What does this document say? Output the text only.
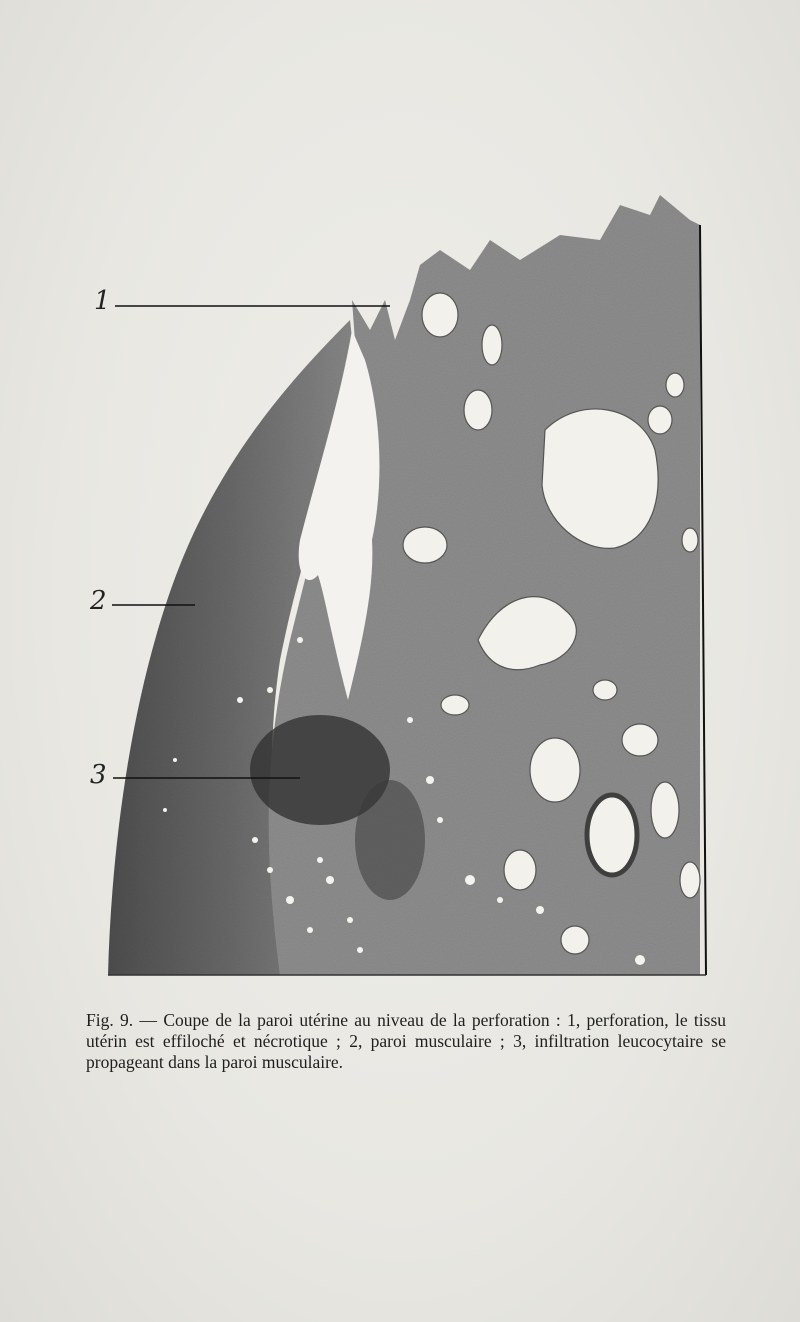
1
2
3
Fig. 9. — Coupe de la paroi utérine au niveau de la perforation : 1, perforation, le tissu utérin est effiloché et nécrotique ; 2, paroi musculaire ; 3, infiltration leucocytaire se propageant dans la paroi musculaire.
